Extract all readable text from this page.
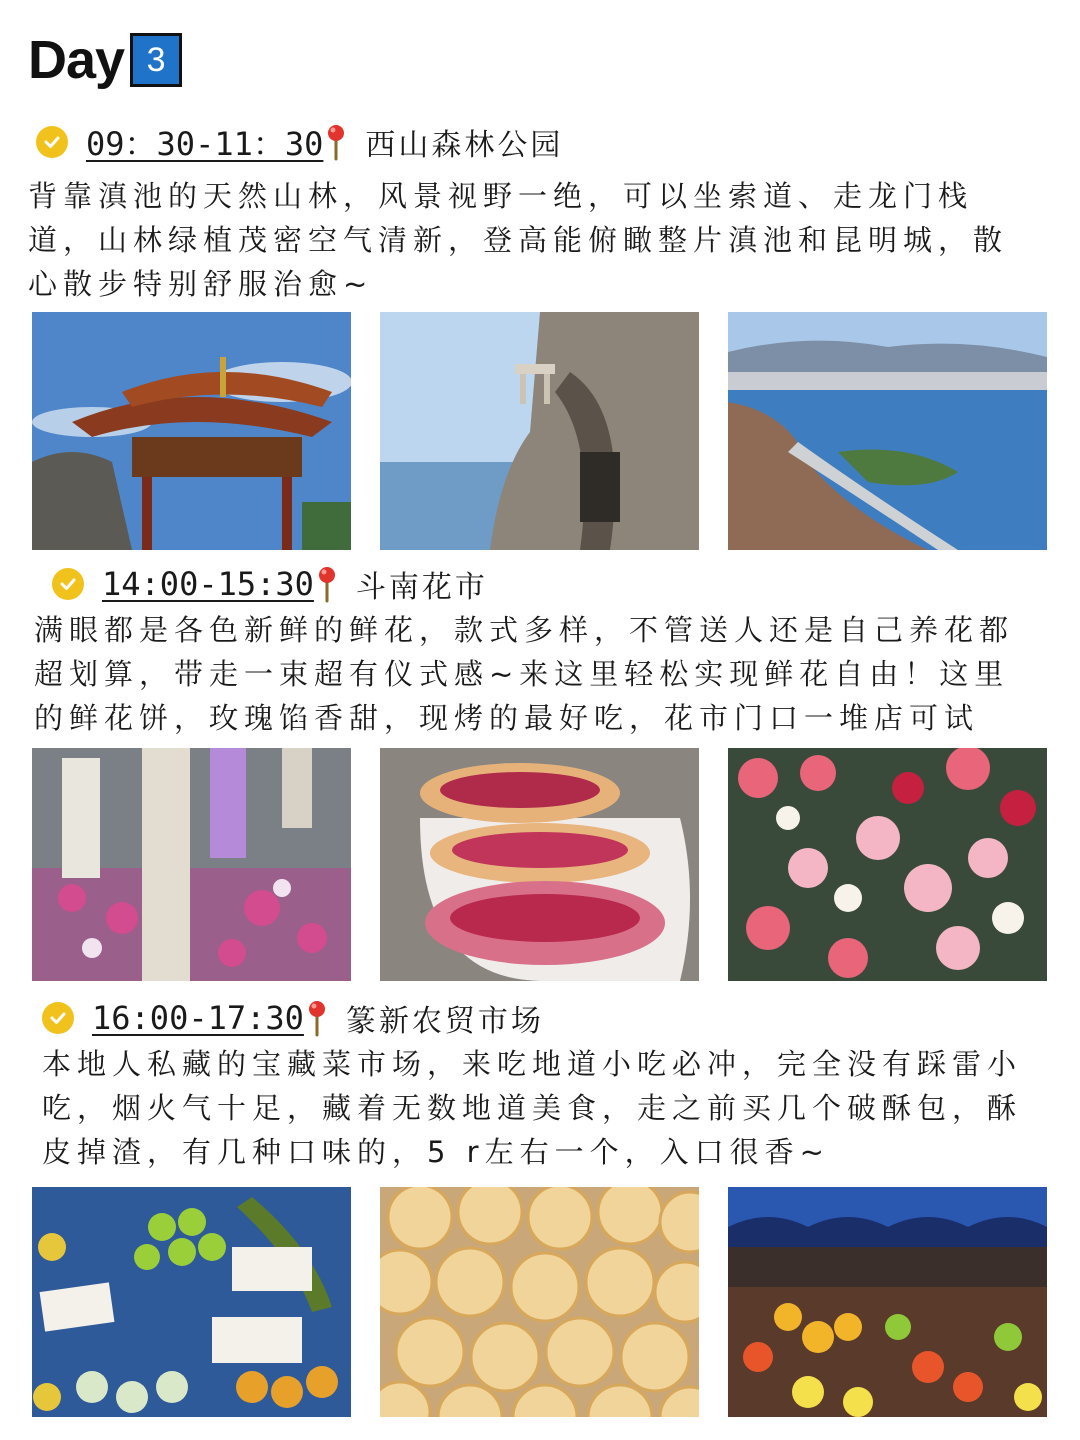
Day 3
09：30-11：30 西山森林公园
背靠滇池的天然山林，风景视野一绝，可以坐索道、走龙门栈道，山林绿植茂密空气清新，登高能俯瞰整片滇池和昆明城，散心散步特别舒服治愈~
14:00-15:30 斗南花市
满眼都是各色新鲜的鲜花，款式多样，不管送人还是自己养花都超划算，带走一束超有仪式感~来这里轻松实现鲜花自由！这里的鲜花饼，玫瑰馅香甜，现烤的最好吃，花市门口一堆店可试
16:00-17:30 篆新农贸市场
本地人私藏的宝藏菜市场，来吃地道小吃必冲，完全没有踩雷小吃，烟火气十足，藏着无数地道美食，走之前买几个破酥包，酥皮掉渣，有几种口味的，5 r左右一个，入口很香~
